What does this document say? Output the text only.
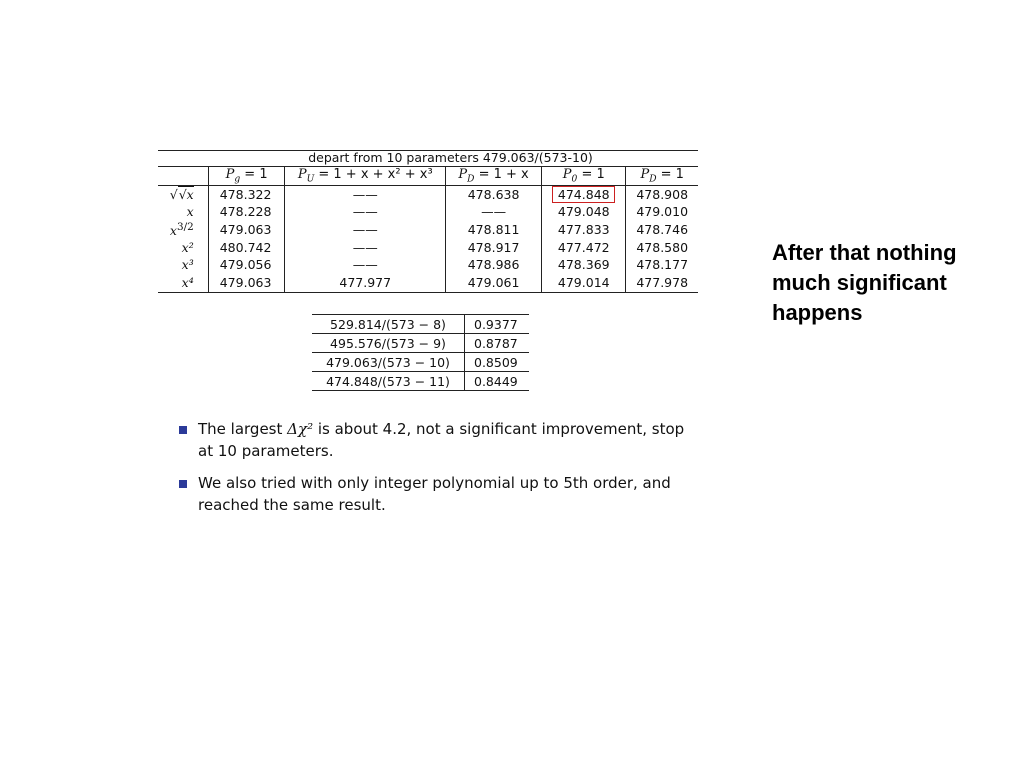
depart from 10 parameters 479.063/(573-10)					
	$P_g = 1$	$P_U = 1 + x + x^2 + x^3$	$P_D = 1 + x$	$P_0 = 1$	$P_D = 1$
√√x	478.322	——	478.638	474.848	478.908
x	478.228	——	——	479.048	479.010
$x^{3/2}$	479.063	——	478.811	477.833	478.746
x²	480.742	——	478.917	477.472	478.580
x³	479.056	——	478.986	478.369	478.177
x⁴	479.063	477.977	479.061	479.014	477.978
529.814/(573 − 8)	0.9377
495.576/(573 − 9)	0.8787
479.063/(573 − 10)	0.8509
474.848/(573 − 11)	0.8449
The largest Δχ² is about 4.2, not a significant improvement, stop at 10 parameters.
We also tried with only integer polynomial up to 5th order, and reached the same result.
After that nothing much significant happens
